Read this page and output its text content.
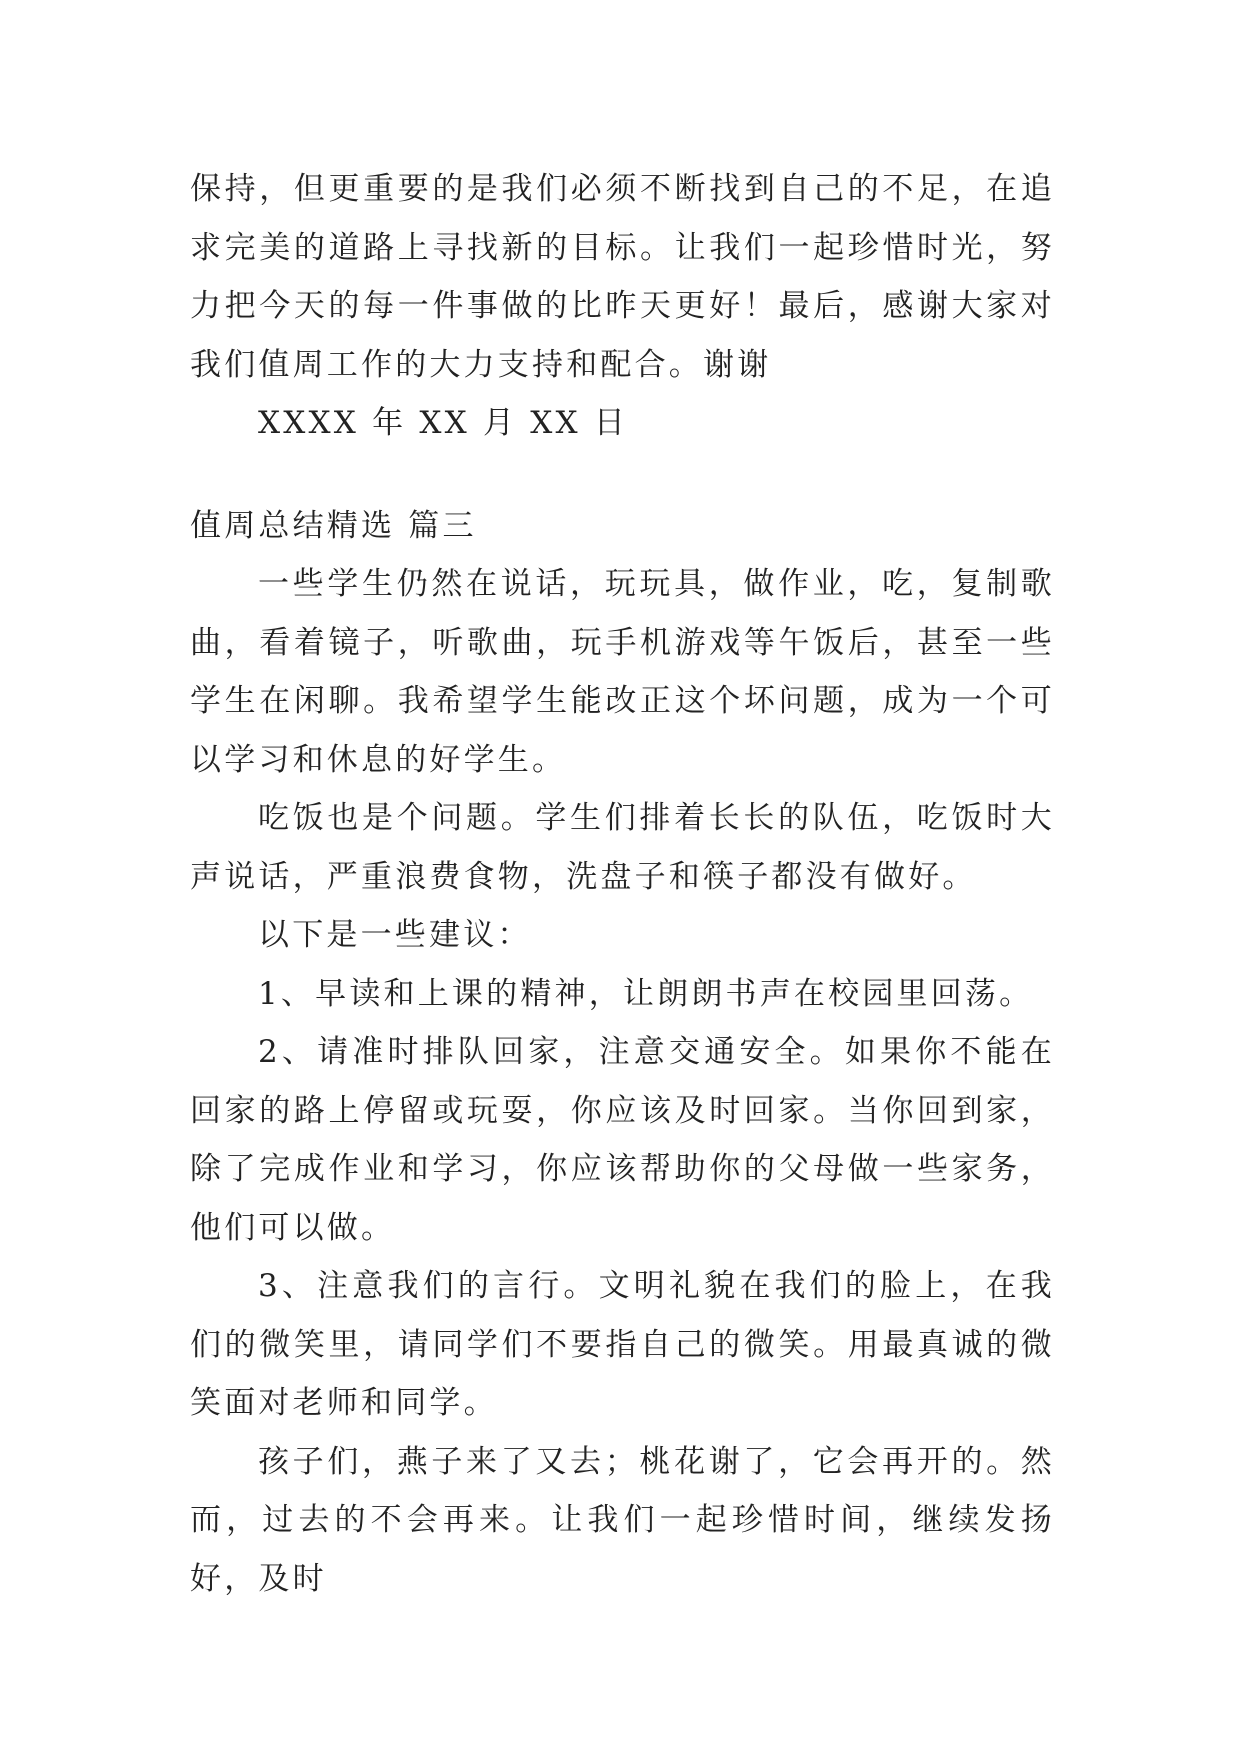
保持，但更重要的是我们必须不断找到自己的不足，在追求完美的道路上寻找新的目标。让我们一起珍惜时光，努力把今天的每一件事做的比昨天更好！最后，感谢大家对我们值周工作的大力支持和配合。谢谢

XXXX 年 XX 月 XX 日

值周总结精选 篇三

一些学生仍然在说话，玩玩具，做作业，吃，复制歌曲，看着镜子，听歌曲，玩手机游戏等午饭后，甚至一些学生在闲聊。我希望学生能改正这个坏问题，成为一个可以学习和休息的好学生。

吃饭也是个问题。学生们排着长长的队伍，吃饭时大声说话，严重浪费食物，洗盘子和筷子都没有做好。

以下是一些建议：

1、早读和上课的精神，让朗朗书声在校园里回荡。

2、请准时排队回家，注意交通安全。如果你不能在回家的路上停留或玩耍，你应该及时回家。当你回到家，除了完成作业和学习，你应该帮助你的父母做一些家务，他们可以做。

3、注意我们的言行。文明礼貌在我们的脸上，在我们的微笑里，请同学们不要指自己的微笑。用最真诚的微笑面对老师和同学。

孩子们，燕子来了又去；桃花谢了，它会再开的。然而，过去的不会再来。让我们一起珍惜时间，继续发扬好，及时
